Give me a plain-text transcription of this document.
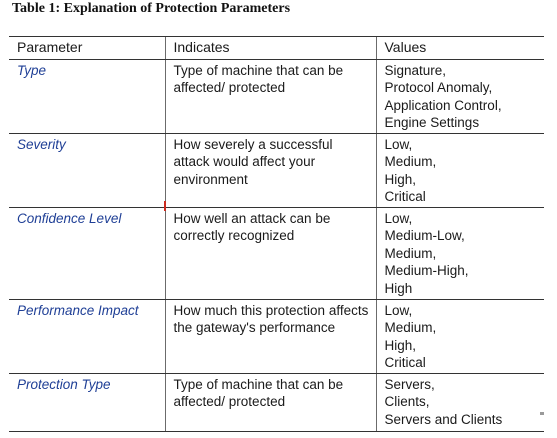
Table 1: Explanation of Protection Parameters
Parameter	Indicates	Values
Type	Type of machine that can be affected/ protected	Signature,
Protocol Anomaly,
Application Control,
Engine Settings

Severity	How severely a successful attack would affect your environment	Low,
Medium,
High,
Critical

Confidence Level	How well an attack can be correctly recognized	Low,
Medium-Low,
Medium,
Medium-High,
High

Performance Impact	How much this protection affects the gateway's performance	Low,
Medium,
High,
Critical

Protection Type	Type of machine that can be affected/ protected	Servers,
Clients,
Servers and Clients
